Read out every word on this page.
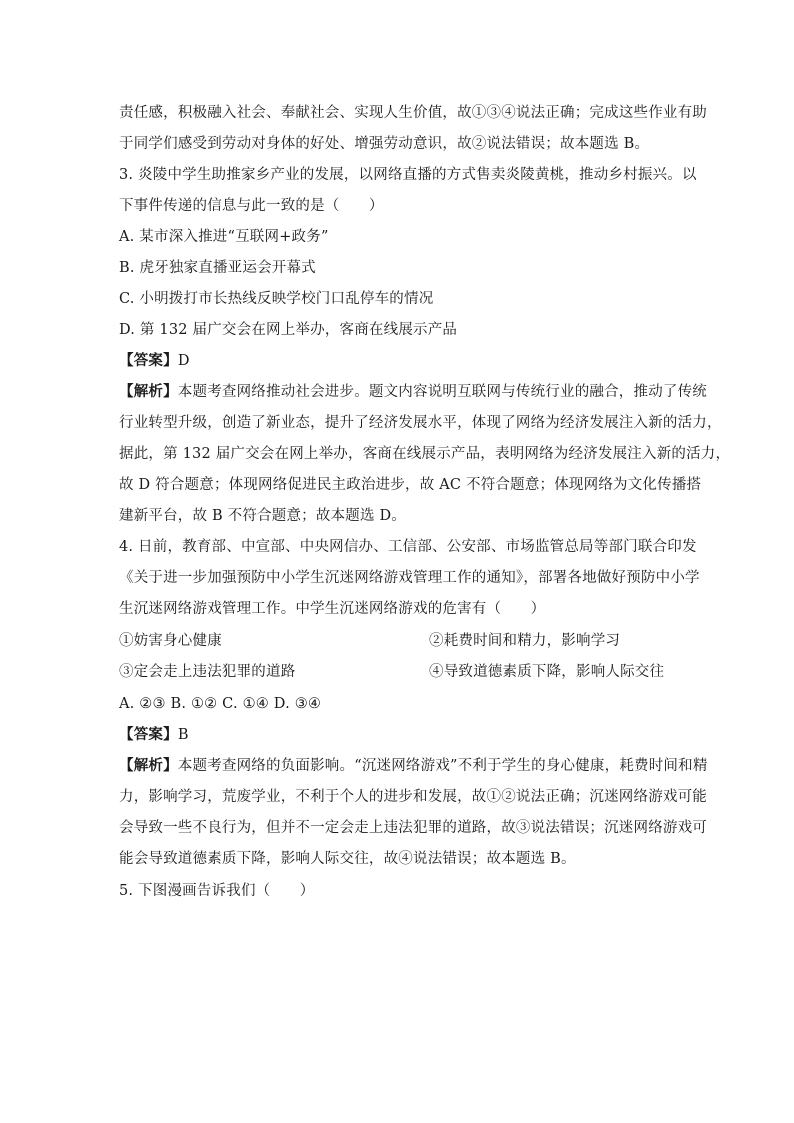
责任感，积极融入社会、奉献社会、实现人生价值，故①③④说法正确；完成这些作业有助
于同学们感受到劳动对身体的好处、增强劳动意识，故②说法错误；故本题选 B。
3. 炎陵中学生助推家乡产业的发展，以网络直播的方式售卖炎陵黄桃，推动乡村振兴。以
下事件传递的信息与此一致的是（　　）
A. 某市深入推进“互联网+政务”
B. 虎牙独家直播亚运会开幕式
C. 小明拨打市长热线反映学校门口乱停车的情况
D. 第 132 届广交会在网上举办，客商在线展示产品
【答案】D
【解析】本题考查网络推动社会进步。题文内容说明互联网与传统行业的融合，推动了传统
行业转型升级，创造了新业态，提升了经济发展水平，体现了网络为经济发展注入新的活力，
据此，第 132 届广交会在网上举办，客商在线展示产品，表明网络为经济发展注入新的活力，
故 D 符合题意；体现网络促进民主政治进步，故 AC 不符合题意；体现网络为文化传播搭
建新平台，故 B 不符合题意；故本题选 D。
4. 日前，教育部、中宣部、中央网信办、工信部、公安部、市场监管总局等部门联合印发
《关于进一步加强预防中小学生沉迷网络游戏管理工作的通知》，部署各地做好预防中小学
生沉迷网络游戏管理工作。中学生沉迷网络游戏的危害有（　　）
①妨害身心健康	②耗费时间和精力，影响学习
③定会走上违法犯罪的道路	④导致道德素质下降，影响人际交往
A. ②③ B. ①② C. ①④ D. ③④
【答案】B
【解析】本题考查网络的负面影响。“沉迷网络游戏”不利于学生的身心健康，耗费时间和精
力，影响学习，荒废学业，不利于个人的进步和发展，故①②说法正确；沉迷网络游戏可能
会导致一些不良行为，但并不一定会走上违法犯罪的道路，故③说法错误；沉迷网络游戏可
能会导致道德素质下降，影响人际交往，故④说法错误；故本题选 B。
5. 下图漫画告诉我们（　　）
